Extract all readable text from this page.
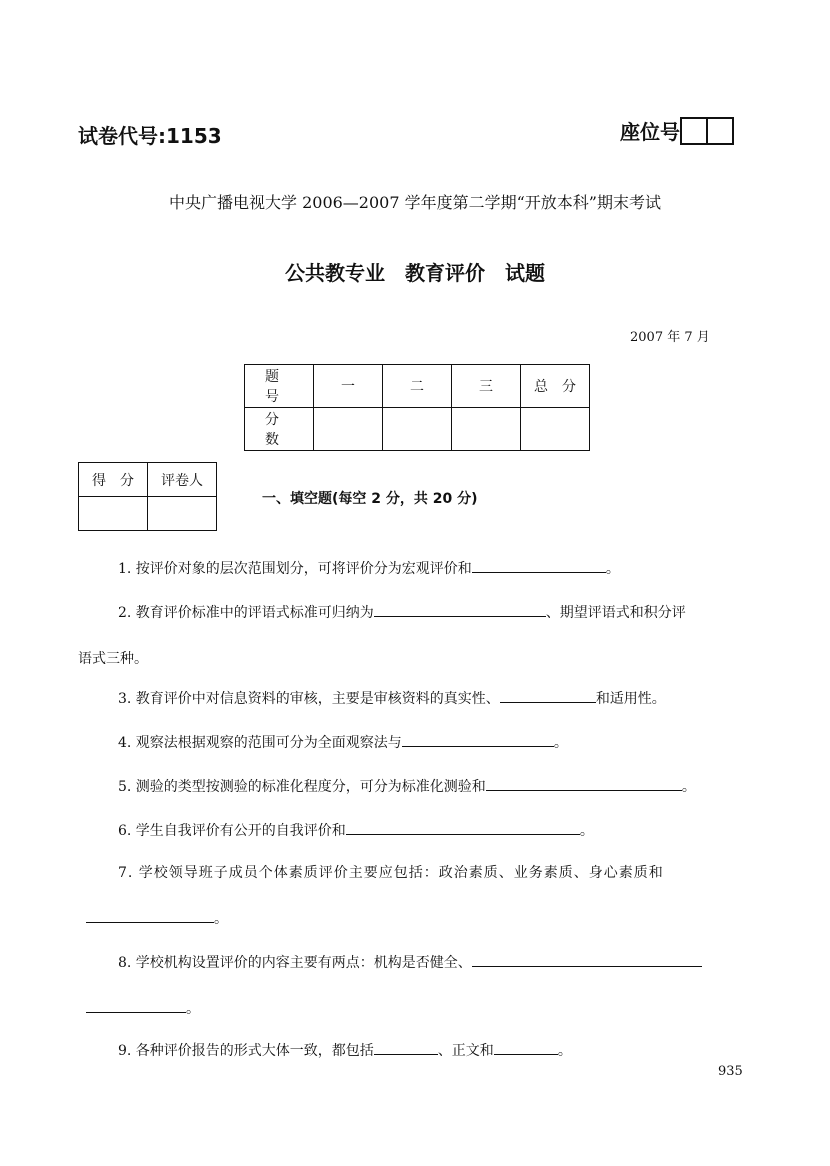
试卷代号:1153	座位号
中央广播电视大学 2006—2007 学年度第二学期“开放本科”期末考试
公共教专业　教育评价　试题
2007 年 7 月
题　号	一	二	三	总　分
分　数				
得　分	评卷人

一、填空题(每空 2 分，共 20 分)
1. 按评价对象的层次范围划分，可将评价分为宏观评价和	。
2. 教育评价标准中的评语式标准可归纳为	、期望评语式和积分评
语式三种。
3. 教育评价中对信息资料的审核，主要是审核资料的真实性、	和适用性。
4. 观察法根据观察的范围可分为全面观察法与	。
5. 测验的类型按测验的标准化程度分，可分为标准化测验和	。
6. 学生自我评价有公开的自我评价和	。
7. 学校领导班子成员个体素质评价主要应包括：政治素质、业务素质、身心素质和
。
8. 学校机构设置评价的内容主要有两点：机构是否健全、
。
9. 各种评价报告的形式大体一致，都包括	、正文和	。
935
